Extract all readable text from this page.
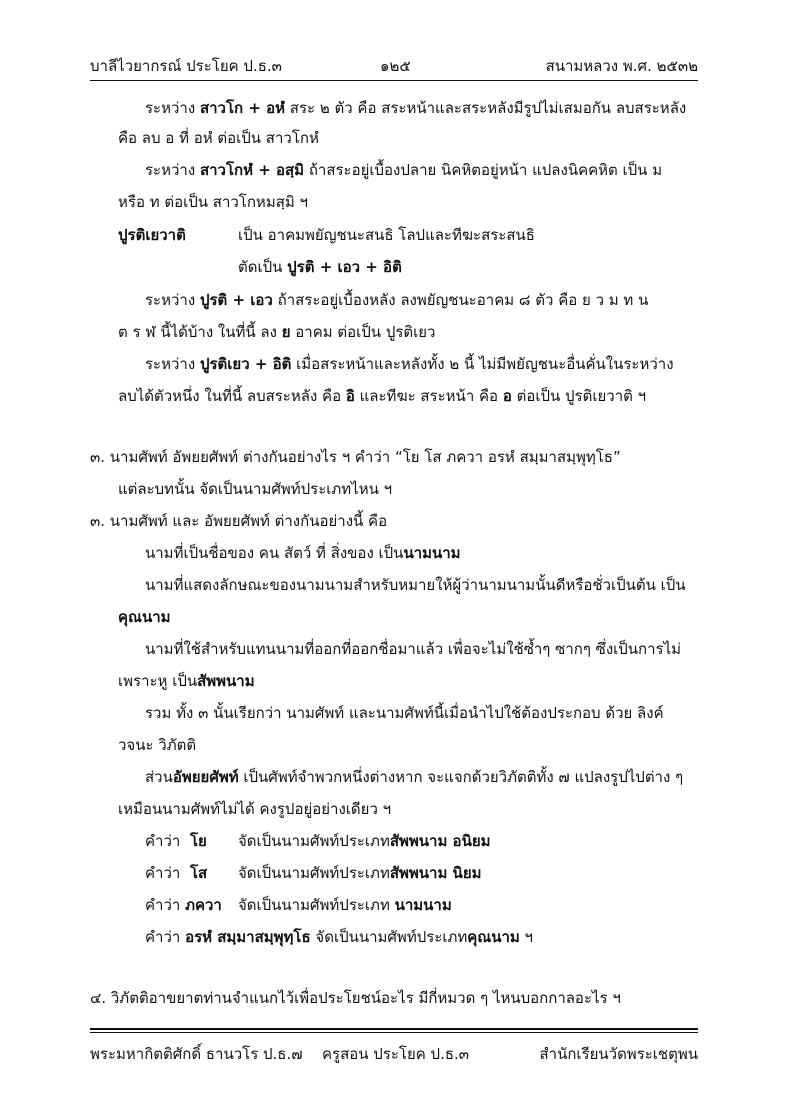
บาลีไวยากรณ์ ประโยค ป.ธ.๓	๑๒๕	สนามหลวง พ.ศ. ๒๕๓๒
ระหว่าง สาวโก + อหํ สระ ๒ ตัว คือ สระหน้าและสระหลังมีรูปไม่เสมอกัน ลบสระหลัง
คือ ลบ อ ที่ อหํ ต่อเป็น สาวโกหํ
ระหว่าง สาวโกหํ + อสฺมิ ถ้าสระอยู่เบื้องปลาย นิคหิตอยู่หน้า แปลงนิคคหิต เป็น ม
หรือ ท ต่อเป็น สาวโกหมสฺมิ ฯ
ปูรติเยวาติ	เป็น อาคมพยัญชนะสนธิ โลปและทีฆะสระสนธิ
ตัดเป็น ปูรติ + เอว + อิติ
ระหว่าง ปูรติ + เอว ถ้าสระอยู่เบื้องหลัง ลงพยัญชนะอาคม ๘ ตัว คือ ย ว ม ท น
ต ร ฬ นี้ได้บ้าง ในที่นี้ ลง ย อาคม ต่อเป็น ปูรติเยว
ระหว่าง ปูรติเยว + อิติ เมื่อสระหน้าและหลังทั้ง ๒ นี้ ไม่มีพยัญชนะอื่นคั่นในระหว่าง
ลบได้ตัวหนึ่ง ในที่นี้ ลบสระหลัง คือ อิ และทีฆะ สระหน้า คือ อ ต่อเป็น ปูรติเยวาติ ฯ
๓. นามศัพท์ อัพยยศัพท์ ต่างกันอย่างไร ฯ คำว่า “โย โส ภควา อรหํ สมฺมาสมฺพุทฺโธ”
แต่ละบทนั้น จัดเป็นนามศัพท์ประเภทไหน ฯ
๓. นามศัพท์ และ อัพยยศัพท์ ต่างกันอย่างนี้ คือ
นามที่เป็นชื่อของ คน สัตว์ ที่ สิ่งของ เป็นนามนาม
นามที่แสดงลักษณะของนามนามสำหรับหมายให้ผู้ว่านามนามนั้นดีหรือชั่วเป็นต้น เป็น
คุณนาม
นามที่ใช้สำหรับแทนนามที่ออกที่ออกชื่อมาแล้ว เพื่อจะไม่ใช้ซ้ำๆ ซากๆ ซึ่งเป็นการไม่
เพราะหู เป็นสัพพนาม
รวม ทั้ง ๓ นั้นเรียกว่า นามศัพท์ และนามศัพท์นี้เมื่อนำไปใช้ต้องประกอบ ด้วย ลิงค์
วจนะ วิภัตติ
ส่วนอัพยยศัพท์ เป็นศัพท์จำพวกหนึ่งต่างหาก จะแจกด้วยวิภัตติทั้ง ๗ แปลงรูปไปต่าง ๆ
เหมือนนามศัพท์ไม่ได้ คงรูปอยู่อย่างเดียว ฯ
คำว่า โย จัดเป็นนามศัพท์ประเภทสัพพนาม อนิยม
คำว่า โส จัดเป็นนามศัพท์ประเภทสัพพนาม นิยม
คำว่า ภควา จัดเป็นนามศัพท์ประเภท นามนาม
คำว่า อรหํ สมฺมาสมฺพุทฺโธ จัดเป็นนามศัพท์ประเภทคุณนาม ฯ
๔. วิภัตติอาขยาตท่านจำแนกไว้เพื่อประโยชน์อะไร มีกี่หมวด ๆ ไหนบอกกาลอะไร ฯ
พระมหากิตติศักดิ์ ธานวโร ป.ธ.๗ ครูสอน ประโยค ป.ธ.๓	สำนักเรียนวัดพระเชตุพน
